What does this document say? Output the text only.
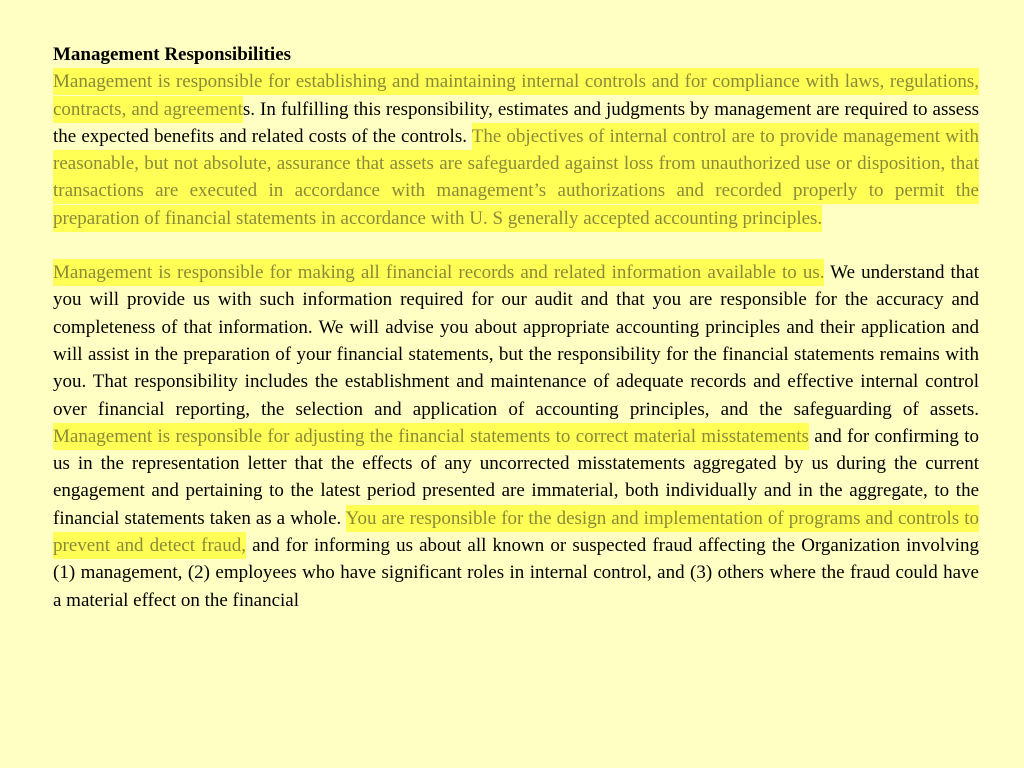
Management Responsibilities

Management is responsible for establishing and maintaining internal controls and for compliance with laws, regulations, contracts, and agreements. In fulfilling this responsibility, estimates and judgments by management are required to assess the expected benefits and related costs of the controls. The objectives of internal control are to provide management with reasonable, but not absolute, assurance that assets are safeguarded against loss from unauthorized use or disposition, that transactions are executed in accordance with management’s authorizations and recorded properly to permit the preparation of financial statements in accordance with U. S generally accepted accounting principles.

Management is responsible for making all financial records and related information available to us. We understand that you will provide us with such information required for our audit and that you are responsible for the accuracy and completeness of that information. We will advise you about appropriate accounting principles and their application and will assist in the preparation of your financial statements, but the responsibility for the financial statements remains with you. That responsibility includes the establishment and maintenance of adequate records and effective internal control over financial reporting, the selection and application of accounting principles, and the safeguarding of assets. Management is responsible for adjusting the financial statements to correct material misstatements and for confirming to us in the representation letter that the effects of any uncorrected misstatements aggregated by us during the current engagement and pertaining to the latest period presented are immaterial, both individually and in the aggregate, to the financial statements taken as a whole. You are responsible for the design and implementation of programs and controls to prevent and detect fraud, and for informing us about all known or suspected fraud affecting the Organization involving (1) management, (2) employees who have significant roles in internal control, and (3) others where the fraud could have a material effect on the financial
